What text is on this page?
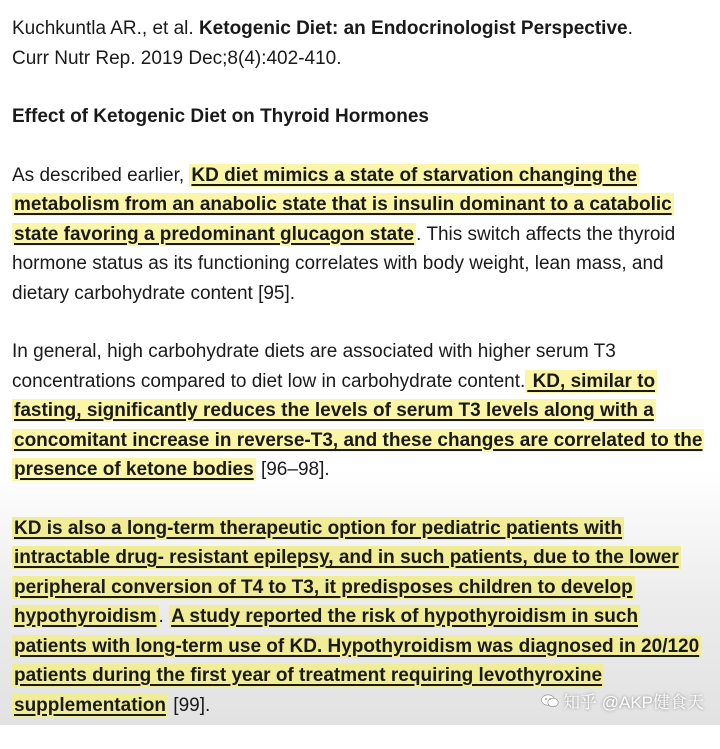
Kuchkuntla AR., et al. Ketogenic Diet: an Endocrinologist Perspective.
Curr Nutr Rep. 2019 Dec;8(4):402-410.

Effect of Ketogenic Diet on Thyroid Hormones

As described earlier, KD diet mimics a state of starvation changing the metabolism from an anabolic state that is insulin dominant to a catabolic state favoring a predominant glucagon state . This switch affects the thyroid hormone status as its functioning correlates with body weight, lean mass, and dietary carbohydrate content [95].

In general, high carbohydrate diets are associated with higher serum T3 concentrations compared to diet low in carbohydrate content. KD, similar to fasting, significantly reduces the levels of serum T3 levels along with a concomitant increase in reverse-T3, and these changes are correlated to the presence of ketone bodies [96–98].

KD is also a long-term therapeutic option for pediatric patients with intractable drug- resistant epilepsy, and in such patients, due to the lower peripheral conversion of T4 to T3, it predisposes children to develop hypothyroidism . A study reported the risk of hypothyroidism in such patients with long-term use of KD. Hypothyroidism was diagnosed in 20/120 patients during the first year of treatment requiring levothyroxine supplementation [99].	知乎 @AKP健食天
